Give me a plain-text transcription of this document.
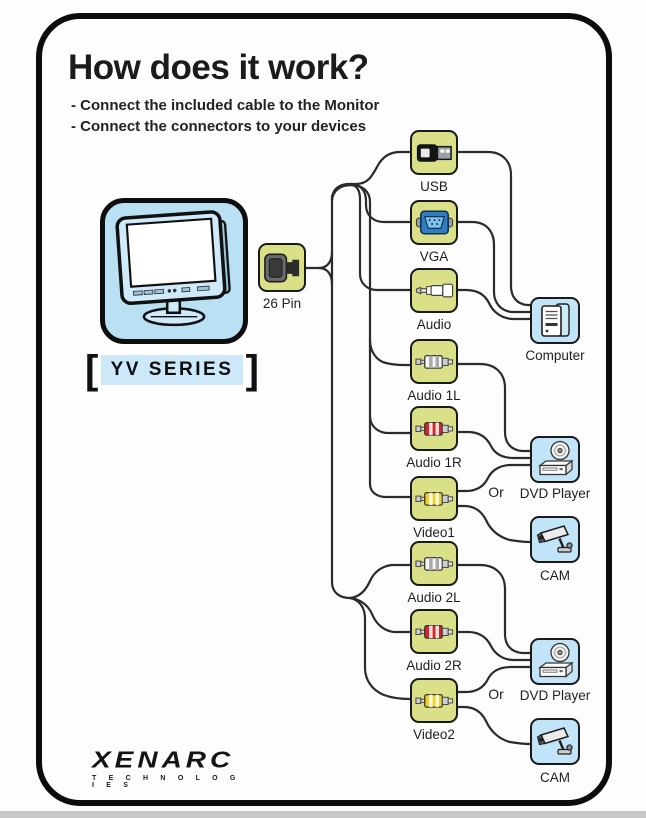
How does it work?
- Connect the included cable to the Monitor
- Connect the connectors to your devices
[ YV SERIES ]
26 Pin
USB
VGA
Audio
Audio 1L
Audio 1R
Video1
Audio 2L
Audio 2R
Video2
Computer
DVD Player
Or
CAM
DVD Player
Or
CAM
XENARC
T E C H N O L O G I E S
